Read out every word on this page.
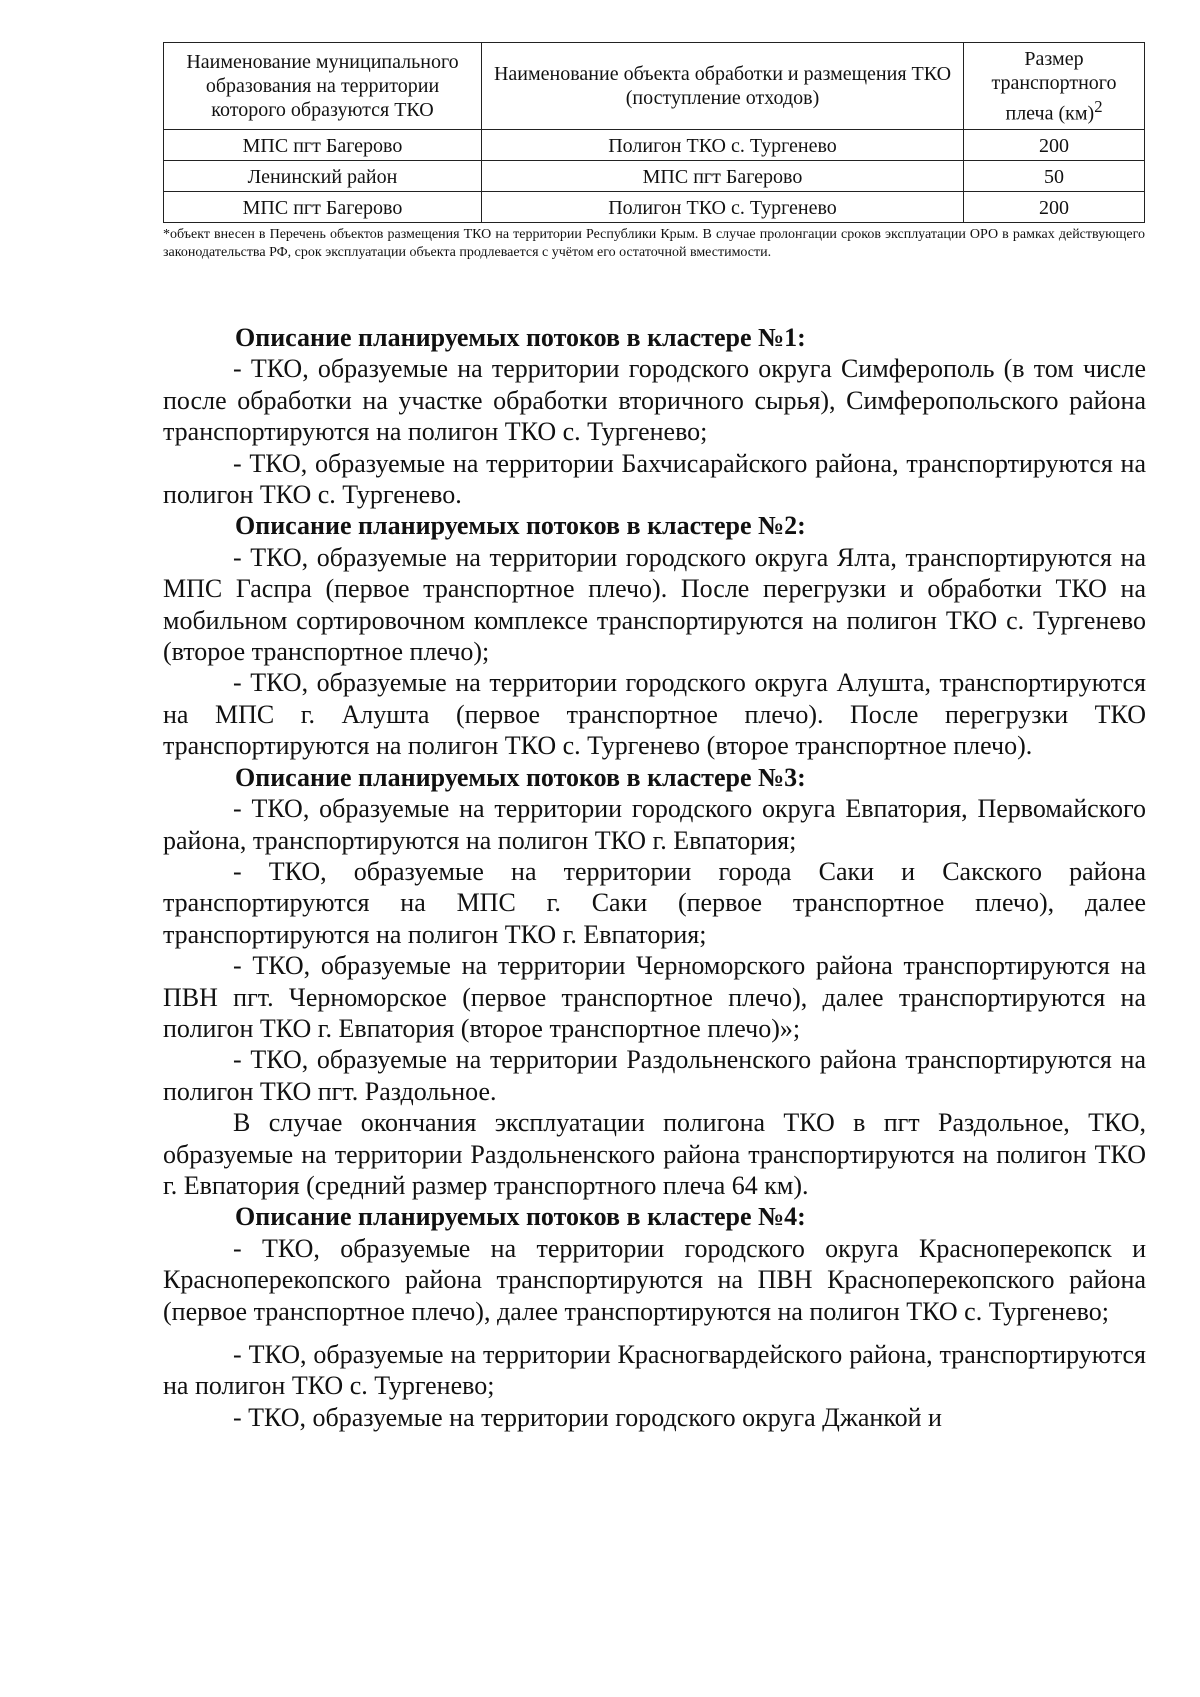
Наименование муниципального образования на территории которого образуются ТКО	Наименование объекта обработки и размещения ТКО (поступление отходов)	Размер транспортного плеча (км)$^2$
МПС пгт Багерово	Полигон ТКО с. Тургенево	200
Ленинский район	МПС пгт Багерово	50
МПС пгт Багерово	Полигон ТКО с. Тургенево	200
*объект внесен в Перечень объектов размещения ТКО на территории Республики Крым. В случае пролонгации сроков эксплуатации ОРО в рамках действующего законодательства РФ, срок эксплуатации объекта продлевается с учётом его остаточной вместимости.
Описание планируемых потоков в кластере №1:

- ТКО, образуемые на территории городского округа Симферополь (в том числе после обработки на участке обработки вторичного сырья), Симферопольского района транспортируются на полигон ТКО с. Тургенево;

- ТКО, образуемые на территории Бахчисарайского района, транспортируются на полигон ТКО с. Тургенево.

Описание планируемых потоков в кластере №2:

- ТКО, образуемые на территории городского округа Ялта, транспортируются на МПС Гаспра (первое транспортное плечо). После перегрузки и обработки ТКО на мобильном сортировочном комплексе транспортируются на полигон ТКО с. Тургенево (второе транспортное плечо);

- ТКО, образуемые на территории городского округа Алушта, транспортируются на МПС г. Алушта (первое транспортное плечо). После перегрузки ТКО транспортируются на полигон ТКО с. Тургенево (второе транспортное плечо).

Описание планируемых потоков в кластере №3:

- ТКО, образуемые на территории городского округа Евпатория, Первомайского района, транспортируются на полигон ТКО г. Евпатория;

- ТКО, образуемые на территории города Саки и Сакского района транспортируются на МПС г. Саки (первое транспортное плечо), далее транспортируются на полигон ТКО г. Евпатория;

- ТКО, образуемые на территории Черноморского района транспортируются на ПВН пгт. Черноморское (первое транспортное плечо), далее транспортируются на полигон ТКО г. Евпатория (второе транспортное плечо)»;

- ТКО, образуемые на территории Раздольненского района транспортируются на полигон ТКО пгт. Раздольное.

В случае окончания эксплуатации полигона ТКО в пгт Раздольное, ТКО, образуемые на территории Раздольненского района транспортируются на полигон ТКО г. Евпатория (средний размер транспортного плеча 64 км).

Описание планируемых потоков в кластере №4:

- ТКО, образуемые на территории городского округа Красноперекопск и Красноперекопского района транспортируются на ПВН Красноперекопского района (первое транспортное плечо), далее транспортируются на полигон ТКО с. Тургенево;

- ТКО, образуемые на территории Красногвардейского района, транспортируются на полигон ТКО с. Тургенево;

- ТКО, образуемые на территории городского округа Джанкой и
